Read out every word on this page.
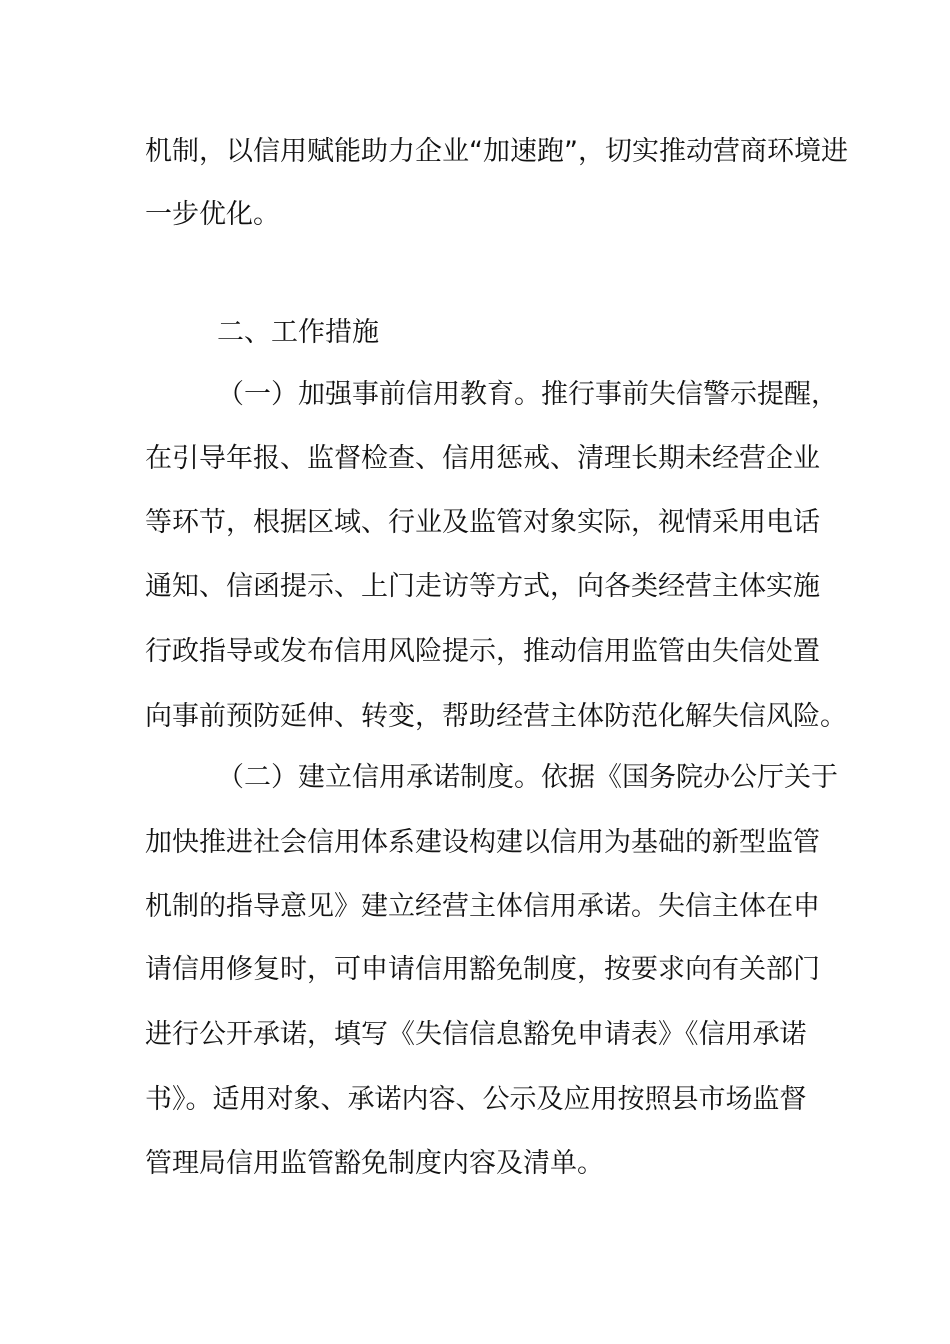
机制，以信用赋能助力企业“加速跑”，切实推动营商环境进
一步优化。
二、工作措施
（一）加强事前信用教育。推行事前失信警示提醒，
在引导年报、监督检查、信用惩戒、清理长期未经营企业
等环节，根据区域、行业及监管对象实际，视情采用电话
通知、信函提示、上门走访等方式，向各类经营主体实施
行政指导或发布信用风险提示，推动信用监管由失信处置
向事前预防延伸、转变，帮助经营主体防范化解失信风险。
（二）建立信用承诺制度。依据《国务院办公厅关于
加快推进社会信用体系建设构建以信用为基础的新型监管
机制的指导意见》建立经营主体信用承诺。失信主体在申
请信用修复时，可申请信用豁免制度，按要求向有关部门
进行公开承诺，填写《失信信息豁免申请表》《信用承诺
书》。适用对象、承诺内容、公示及应用按照县市场监督
管理局信用监管豁免制度内容及清单。
